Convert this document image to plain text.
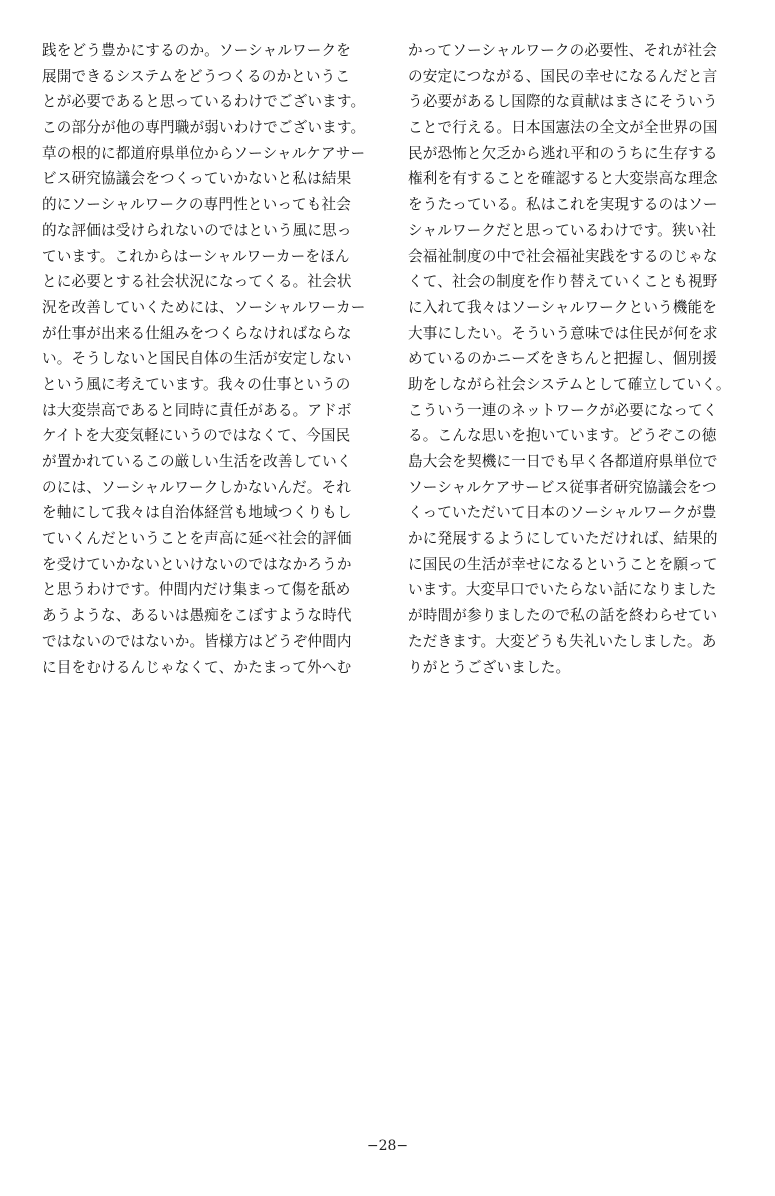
践をどう豊かにするのか。ソーシャルワークを
展開できるシステムをどうつくるのかというこ
とが必要であると思っているわけでございます。
この部分が他の専門職が弱いわけでございます。
草の根的に都道府県単位からソーシャルケアサー
ビス研究協議会をつくっていかないと私は結果
的にソーシャルワークの専門性といっても社会
的な評価は受けられないのではという風に思っ
ています。これからはーシャルワーカーをほん
とに必要とする社会状況になってくる。社会状
況を改善していくためには、ソーシャルワーカー
が仕事が出来る仕組みをつくらなければならな
い。そうしないと国民自体の生活が安定しない
という風に考えています。我々の仕事というの
は大変崇高であると同時に責任がある。アドボ
ケイトを大変気軽にいうのではなくて、今国民
が置かれているこの厳しい生活を改善していく
のには、ソーシャルワークしかないんだ。それ
を軸にして我々は自治体経営も地域つくりもし
ていくんだということを声高に延べ社会的評価
を受けていかないといけないのではなかろうか
と思うわけです。仲間内だけ集まって傷を舐め
あうような、あるいは愚痴をこぼすような時代
ではないのではないか。皆様方はどうぞ仲間内
に目をむけるんじゃなくて、かたまって外へむ
かってソーシャルワークの必要性、それが社会
の安定につながる、国民の幸せになるんだと言
う必要があるし国際的な貢献はまさにそういう
ことで行える。日本国憲法の全文が全世界の国
民が恐怖と欠乏から逃れ平和のうちに生存する
権利を有することを確認すると大変崇高な理念
をうたっている。私はこれを実現するのはソー
シャルワークだと思っているわけです。狭い社
会福祉制度の中で社会福祉実践をするのじゃな
くて、社会の制度を作り替えていくことも視野
に入れて我々はソーシャルワークという機能を
大事にしたい。そういう意味では住民が何を求
めているのかニーズをきちんと把握し、個別援
助をしながら社会システムとして確立していく。
こういう一連のネットワークが必要になってく
る。こんな思いを抱いています。どうぞこの徳
島大会を契機に一日でも早く各都道府県単位で
ソーシャルケアサービス従事者研究協議会をつ
くっていただいて日本のソーシャルワークが豊
かに発展するようにしていただければ、結果的
に国民の生活が幸せになるということを願って
います。大変早口でいたらない話になりました
が時間が参りましたので私の話を終わらせてい
ただきます。大変どうも失礼いたしました。あ
りがとうございました。
−28−
